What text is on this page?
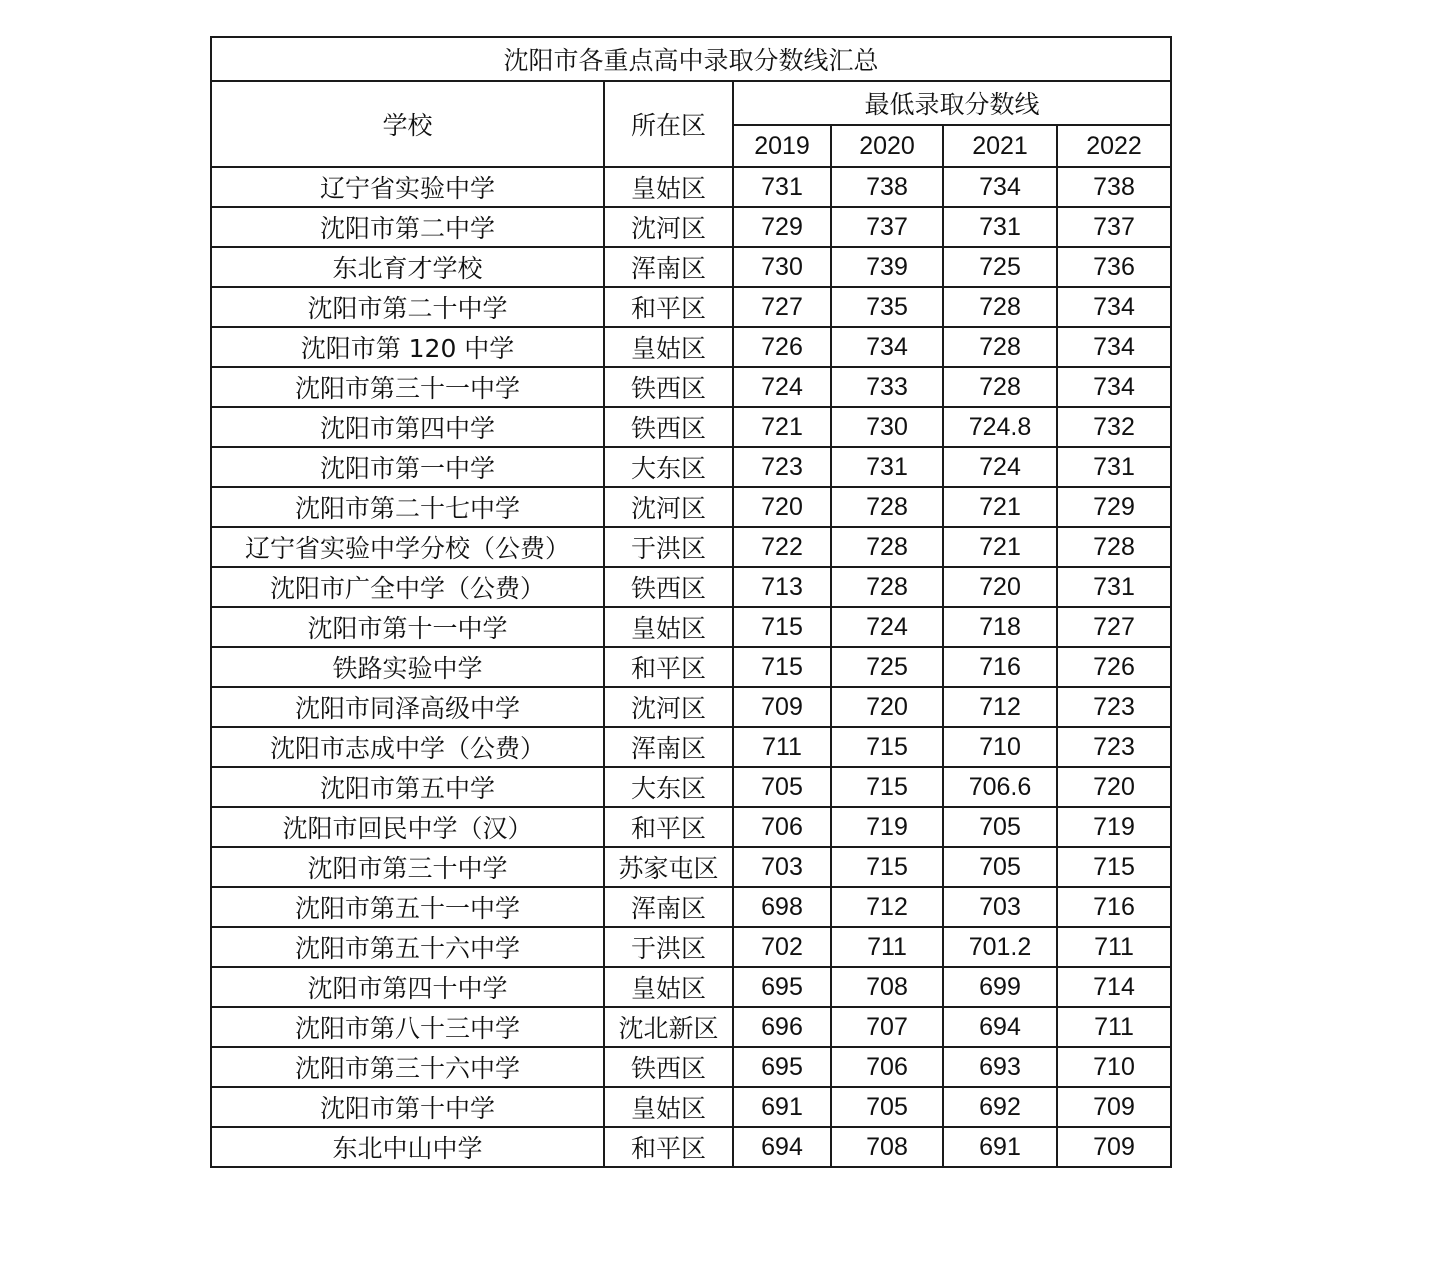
沈阳市各重点高中录取分数线汇总					
学校	所在区	最低录取分数线			
		2019	2020	2021	2022
辽宁省实验中学	皇姑区	731	738	734	738
沈阳市第二中学	沈河区	729	737	731	737
东北育才学校	浑南区	730	739	725	736
沈阳市第二十中学	和平区	727	735	728	734
沈阳市第 120 中学	皇姑区	726	734	728	734
沈阳市第三十一中学	铁西区	724	733	728	734
沈阳市第四中学	铁西区	721	730	724.8	732
沈阳市第一中学	大东区	723	731	724	731
沈阳市第二十七中学	沈河区	720	728	721	729
辽宁省实验中学分校（公费）	于洪区	722	728	721	728
沈阳市广全中学（公费）	铁西区	713	728	720	731
沈阳市第十一中学	皇姑区	715	724	718	727
铁路实验中学	和平区	715	725	716	726
沈阳市同泽高级中学	沈河区	709	720	712	723
沈阳市志成中学（公费）	浑南区	711	715	710	723
沈阳市第五中学	大东区	705	715	706.6	720
沈阳市回民中学（汉）	和平区	706	719	705	719
沈阳市第三十中学	苏家屯区	703	715	705	715
沈阳市第五十一中学	浑南区	698	712	703	716
沈阳市第五十六中学	于洪区	702	711	701.2	711
沈阳市第四十中学	皇姑区	695	708	699	714
沈阳市第八十三中学	沈北新区	696	707	694	711
沈阳市第三十六中学	铁西区	695	706	693	710
沈阳市第十中学	皇姑区	691	705	692	709
东北中山中学	和平区	694	708	691	709
